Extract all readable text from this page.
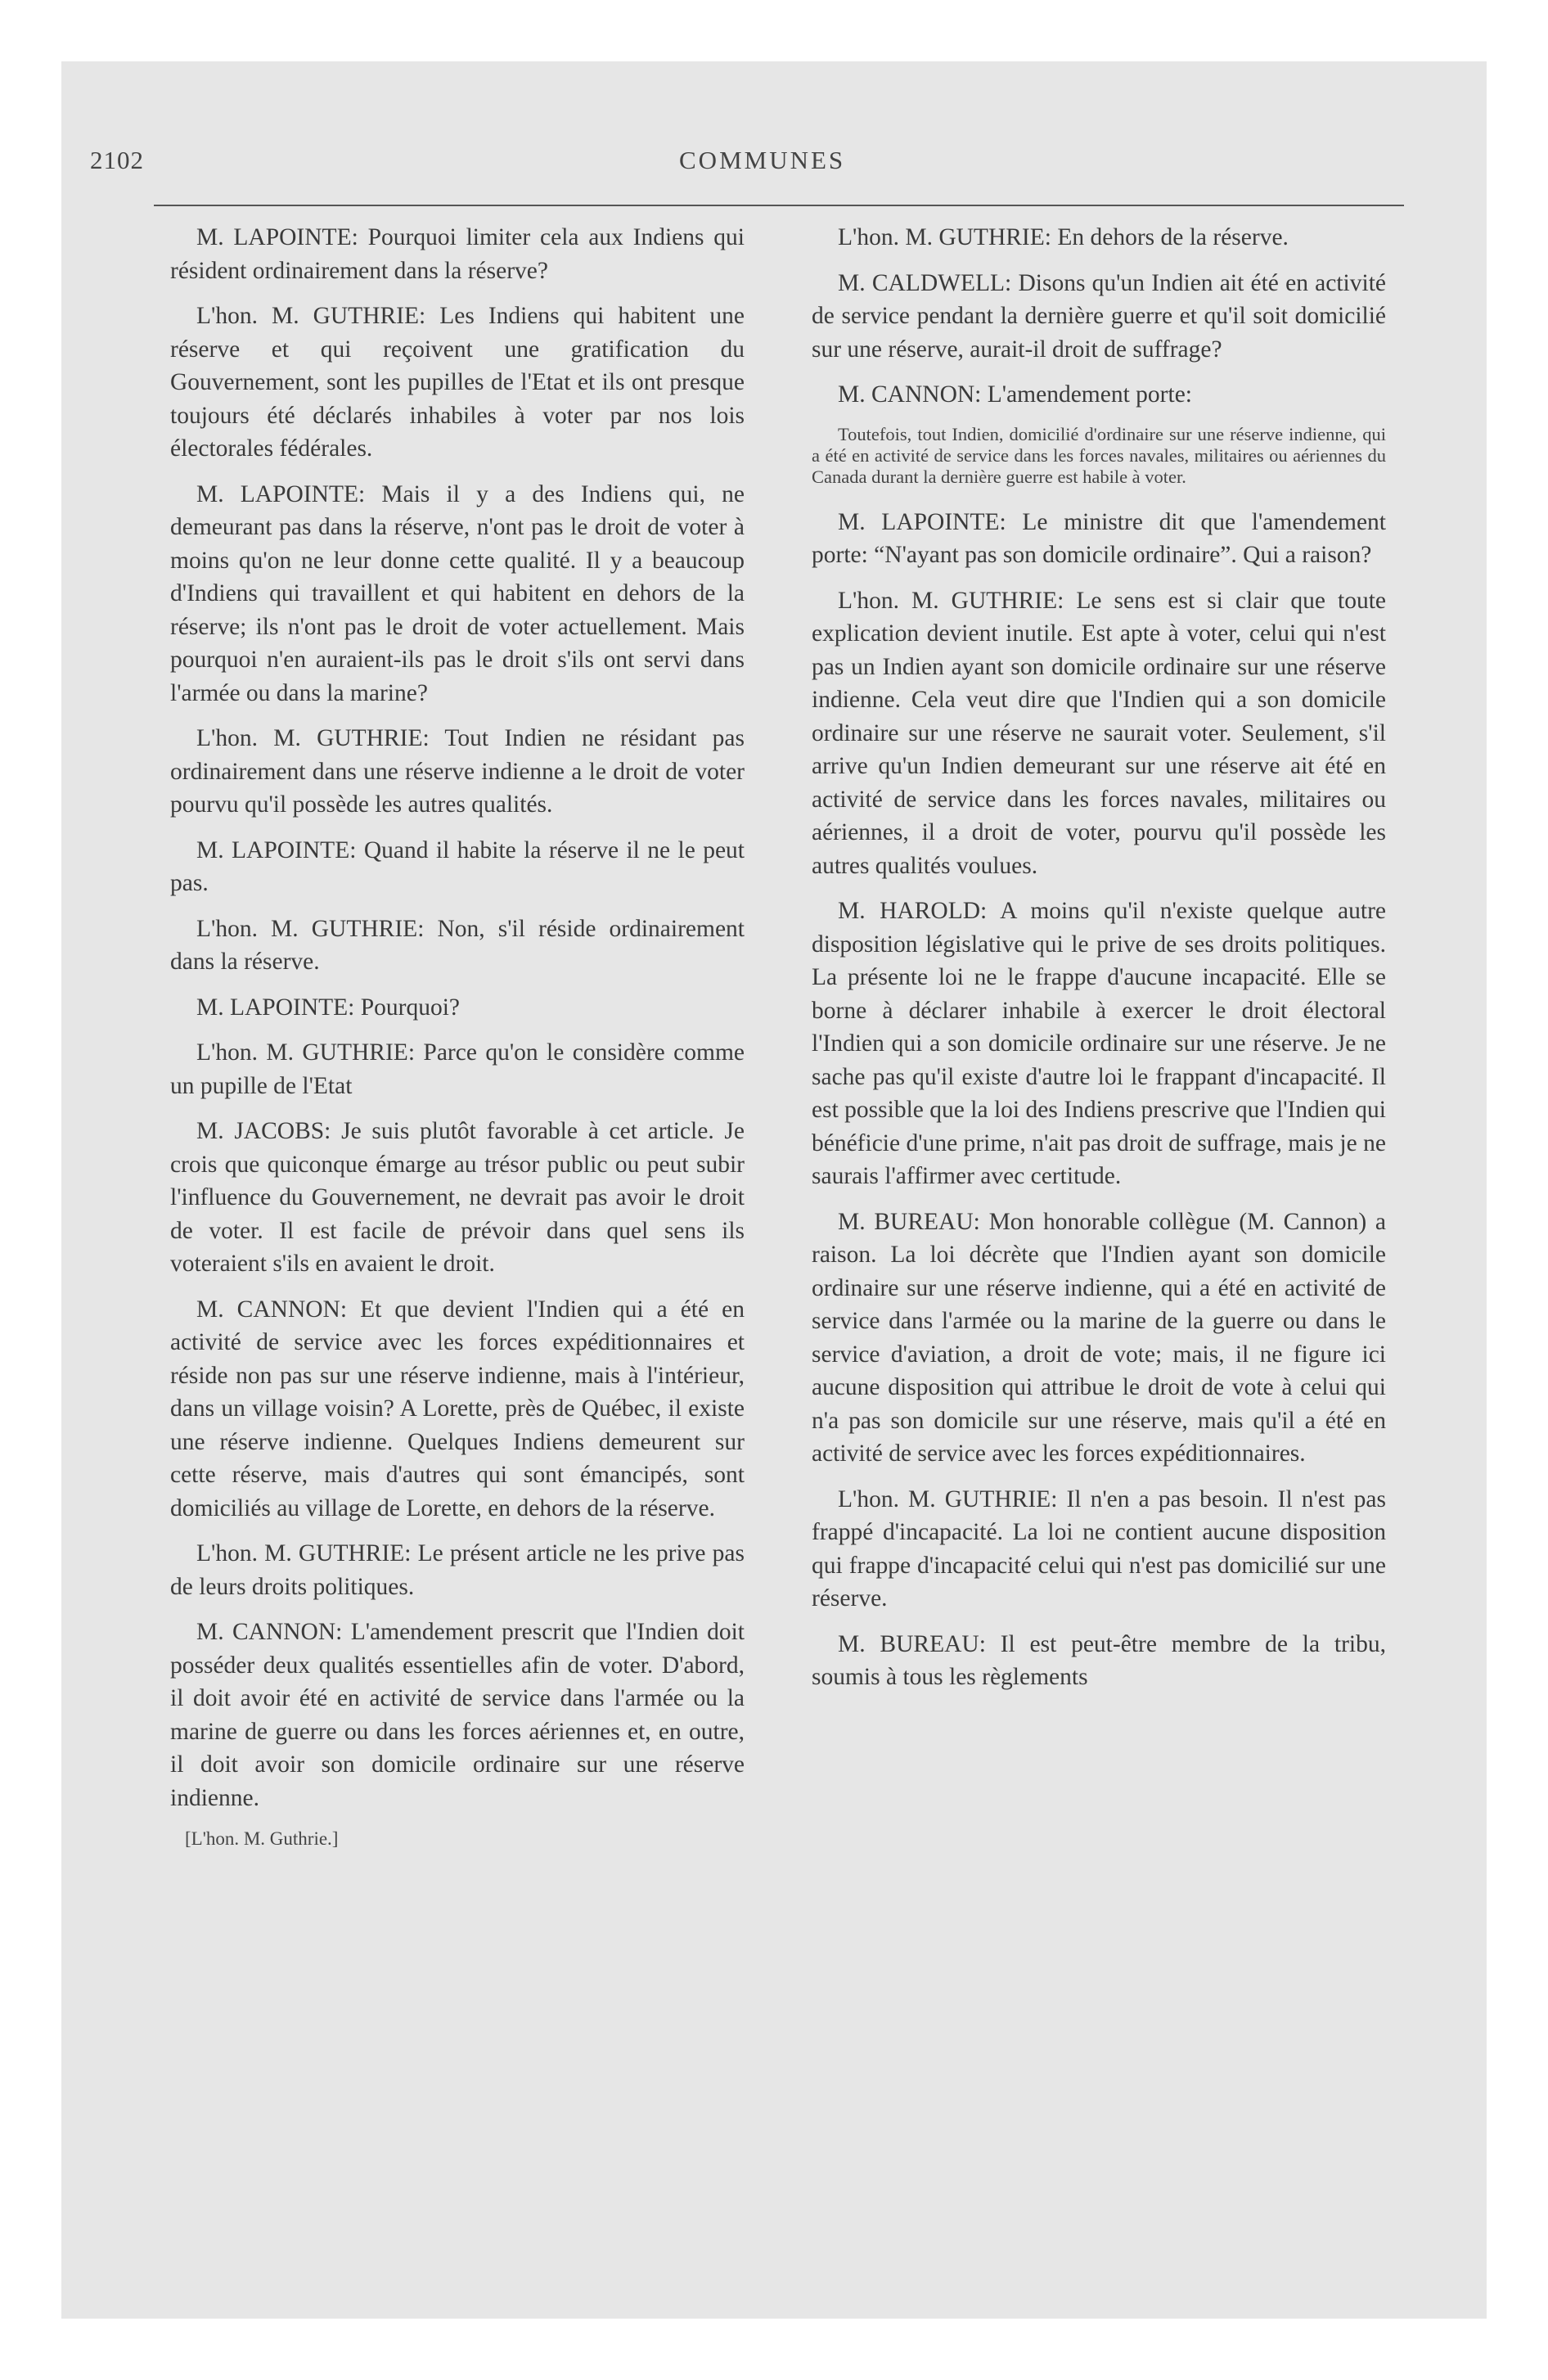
2102	COMMUNES

M. LAPOINTE: Pourquoi limiter cela aux Indiens qui résident ordinairement dans la réserve?

L'hon. M. GUTHRIE: Les Indiens qui habitent une réserve et qui reçoivent une gratification du Gouvernement, sont les pupilles de l'Etat et ils ont presque toujours été déclarés inhabiles à voter par nos lois électorales fédérales.

M. LAPOINTE: Mais il y a des Indiens qui, ne demeurant pas dans la réserve, n'ont pas le droit de voter à moins qu'on ne leur donne cette qualité. Il y a beaucoup d'Indiens qui travaillent et qui habitent en dehors de la réserve; ils n'ont pas le droit de voter actuellement. Mais pourquoi n'en auraient-ils pas le droit s'ils ont servi dans l'armée ou dans la marine?

L'hon. M. GUTHRIE: Tout Indien ne résidant pas ordinairement dans une réserve indienne a le droit de voter pourvu qu'il possède les autres qualités.

M. LAPOINTE: Quand il habite la réserve il ne le peut pas.

L'hon. M. GUTHRIE: Non, s'il réside ordinairement dans la réserve.

M. LAPOINTE: Pourquoi?

L'hon. M. GUTHRIE: Parce qu'on le considère comme un pupille de l'Etat

M. JACOBS: Je suis plutôt favorable à cet article. Je crois que quiconque émarge au trésor public ou peut subir l'influence du Gouvernement, ne devrait pas avoir le droit de voter. Il est facile de prévoir dans quel sens ils voteraient s'ils en avaient le droit.

M. CANNON: Et que devient l'Indien qui a été en activité de service avec les forces expéditionnaires et réside non pas sur une réserve indienne, mais à l'intérieur, dans un village voisin? A Lorette, près de Québec, il existe une réserve indienne. Quelques Indiens demeurent sur cette réserve, mais d'autres qui sont émancipés, sont domiciliés au village de Lorette, en dehors de la réserve.

L'hon. M. GUTHRIE: Le présent article ne les prive pas de leurs droits politiques.

M. CANNON: L'amendement prescrit que l'Indien doit posséder deux qualités essentielles afin de voter. D'abord, il doit avoir été en activité de service dans l'armée ou la marine de guerre ou dans les forces aériennes et, en outre, il doit avoir son domicile ordinaire sur une réserve indienne.

[L'hon. M. Guthrie.]

L'hon. M. GUTHRIE: En dehors de la réserve.

M. CALDWELL: Disons qu'un Indien ait été en activité de service pendant la dernière guerre et qu'il soit domicilié sur une réserve, aurait-il droit de suffrage?

M. CANNON: L'amendement porte:

Toutefois, tout Indien, domicilié d'ordinaire sur une réserve indienne, qui a été en activité de service dans les forces navales, militaires ou aériennes du Canada durant la dernière guerre est habile à voter.

M. LAPOINTE: Le ministre dit que l'amendement porte: “N'ayant pas son domicile ordinaire”. Qui a raison?

L'hon. M. GUTHRIE: Le sens est si clair que toute explication devient inutile. Est apte à voter, celui qui n'est pas un Indien ayant son domicile ordinaire sur une réserve indienne. Cela veut dire que l'Indien qui a son domicile ordinaire sur une réserve ne saurait voter. Seulement, s'il arrive qu'un Indien demeurant sur une réserve ait été en activité de service dans les forces navales, militaires ou aériennes, il a droit de voter, pourvu qu'il possède les autres qualités voulues.

M. HAROLD: A moins qu'il n'existe quelque autre disposition législative qui le prive de ses droits politiques. La présente loi ne le frappe d'aucune incapacité. Elle se borne à déclarer inhabile à exercer le droit électoral l'Indien qui a son domicile ordinaire sur une réserve. Je ne sache pas qu'il existe d'autre loi le frappant d'incapacité. Il est possible que la loi des Indiens prescrive que l'Indien qui bénéficie d'une prime, n'ait pas droit de suffrage, mais je ne saurais l'affirmer avec certitude.

M. BUREAU: Mon honorable collègue (M. Cannon) a raison. La loi décrète que l'Indien ayant son domicile ordinaire sur une réserve indienne, qui a été en activité de service dans l'armée ou la marine de la guerre ou dans le service d'aviation, a droit de vote; mais, il ne figure ici aucune disposition qui attribue le droit de vote à celui qui n'a pas son domicile sur une réserve, mais qu'il a été en activité de service avec les forces expéditionnaires.

L'hon. M. GUTHRIE: Il n'en a pas besoin. Il n'est pas frappé d'incapacité. La loi ne contient aucune disposition qui frappe d'incapacité celui qui n'est pas domicilié sur une réserve.

M. BUREAU: Il est peut-être membre de la tribu, soumis à tous les règlements
